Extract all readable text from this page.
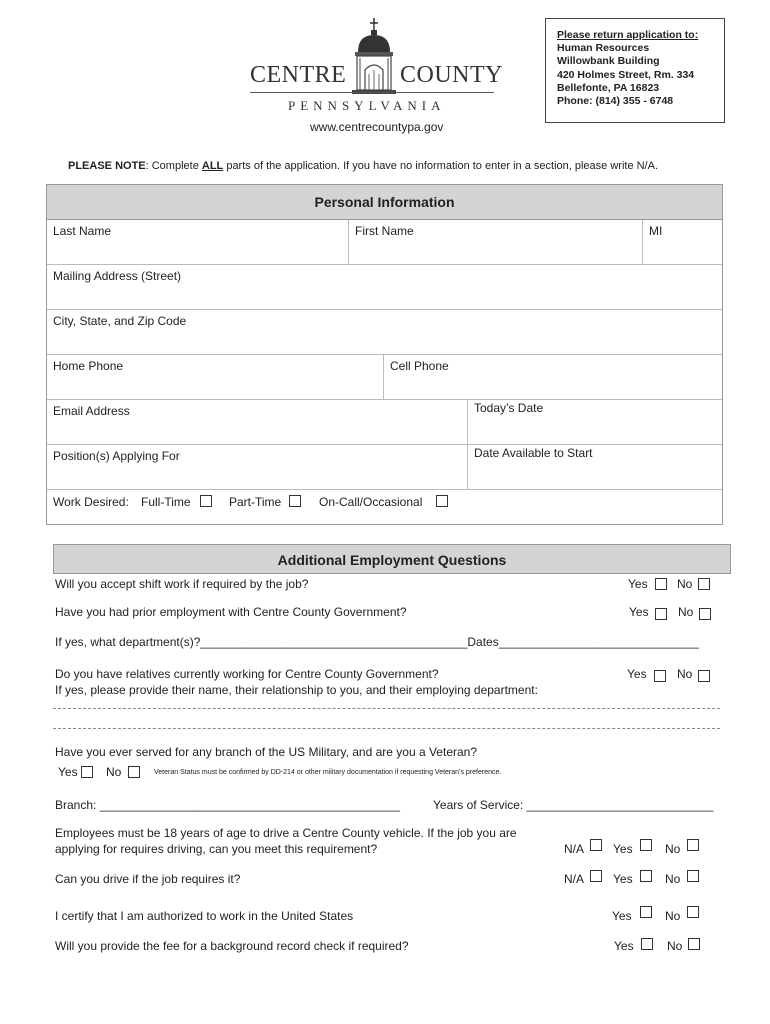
CENTRE COUNTY
PENNSYLVANIA
www.centrecountypa.gov
Please return application to:
Human Resources
Willowbank Building
420 Holmes Street, Rm. 334
Bellefonte, PA 16823
Phone: (814) 355 - 6748
PLEASE NOTE: Complete ALL parts of the application. If you have no information to enter in a section, please write N/A.
Personal Information
Last Name	First Name	MI
Mailing Address (Street)
City, State, and Zip Code
Home Phone	Cell Phone
Email Address	Today’s Date
Position(s) Applying For	Date Available to Start
Work Desired: Full-Time	Part-Time	On-Call/Occasional
Additional Employment Questions
Will you accept shift work if required by the job?	Yes No
Have you had prior employment with Centre County Government?	Yes No
If yes, what department(s)?________________________________________Dates______________________________
Do you have relatives currently working for Centre County Government?	Yes	No
If yes, please provide their name, their relationship to you, and their employing department:
Have you ever served for any branch of the US Military, and are you a Veteran?
Yes No	Veteran Status must be confirmed by DD-214 or other military documentation if requesting Veteran’s preference.
Branch: _____________________________________________	Years of Service: ____________________________
Employees must be 18 years of age to drive a Centre County vehicle. If the job you are
applying for requires driving, can you meet this requirement?	N/A Yes	No
Can you drive if the job requires it?	N/A Yes	No
I certify that I am authorized to work in the United States	Yes	No
Will you provide the fee for a background record check if required?	Yes	No
